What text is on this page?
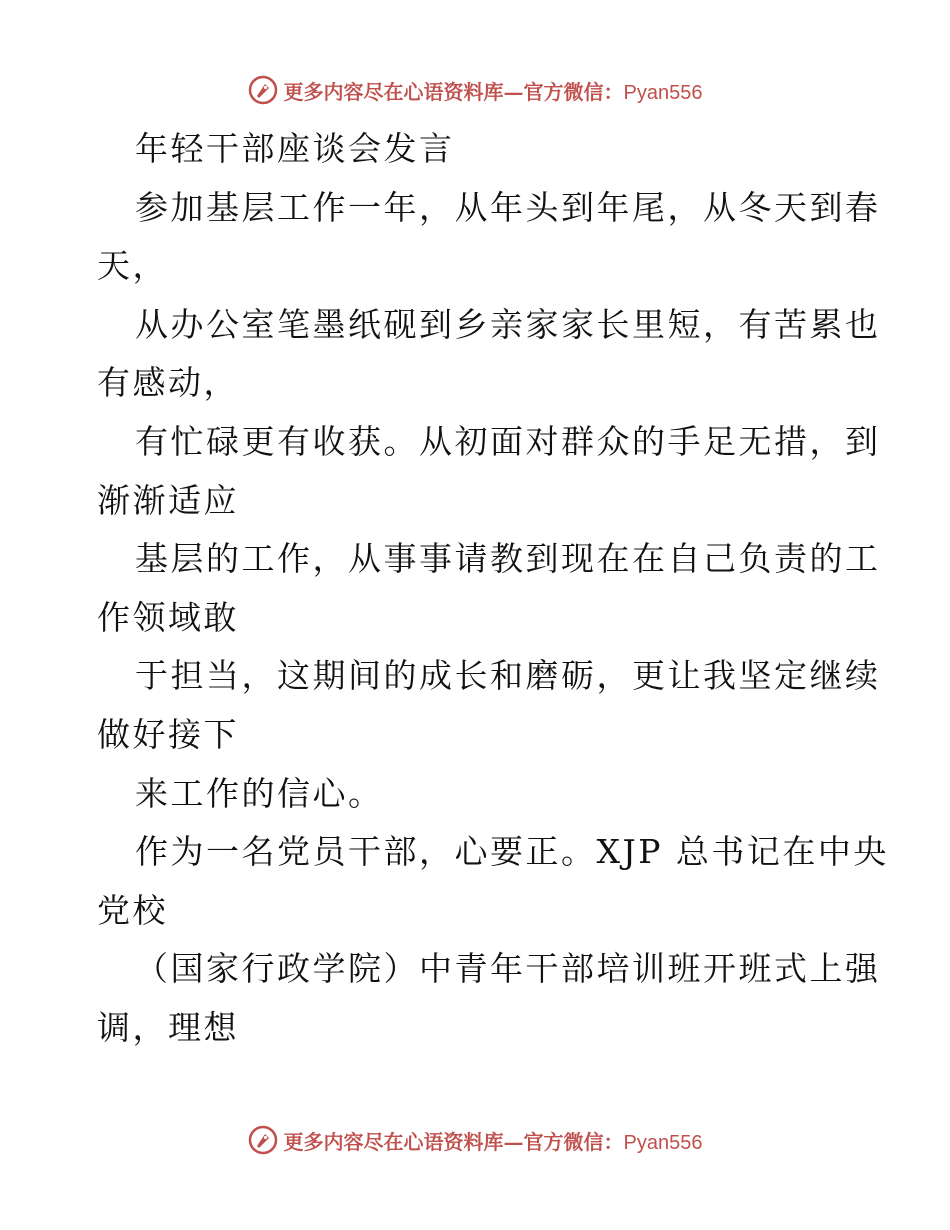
更多内容尽在心语资料库—官方微信：Pyan556
年轻干部座谈会发言
参加基层工作一年，从年头到年尾，从冬天到春
天，
从办公室笔墨纸砚到乡亲家家长里短，有苦累也
有感动，
有忙碌更有收获。从初面对群众的手足无措，到
渐渐适应
基层的工作，从事事请教到现在在自己负责的工
作领域敢
于担当，这期间的成长和磨砺，更让我坚定继续
做好接下
来工作的信心。
作为一名党员干部，心要正。XJP 总书记在中央
党校
（国家行政学院）中青年干部培训班开班式上强
调，理想
更多内容尽在心语资料库—官方微信：Pyan556
